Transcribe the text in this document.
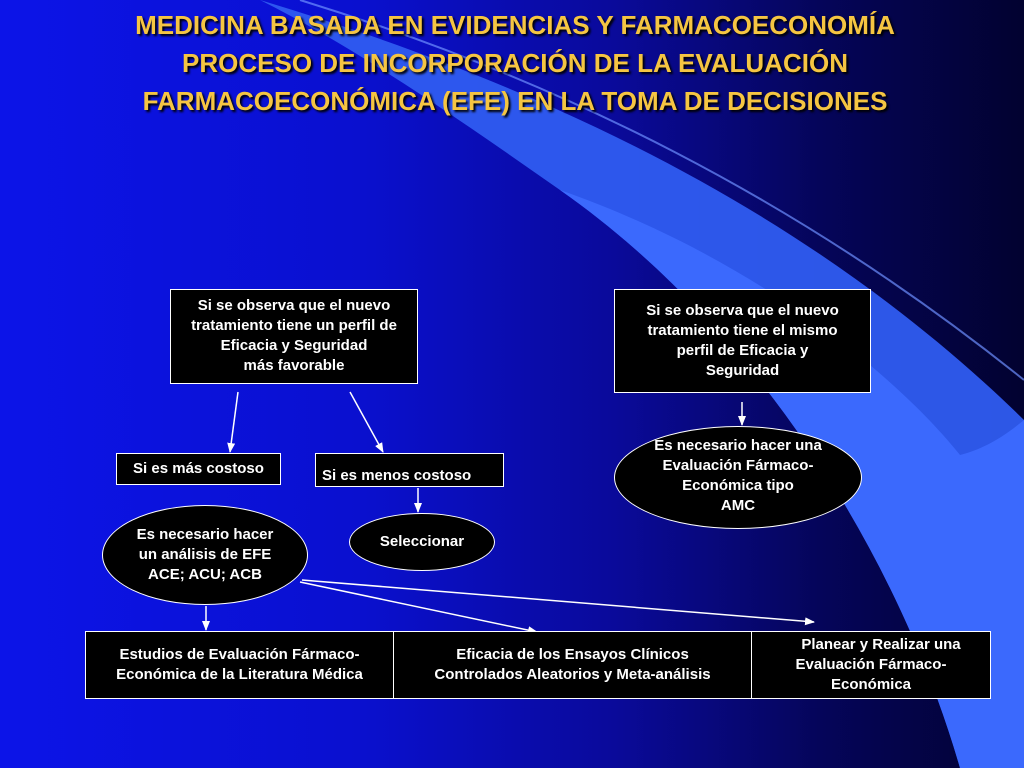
MEDICINA BASADA EN EVIDENCIAS Y FARMACOECONOMÍA
PROCESO DE INCORPORACIÓN DE LA EVALUACIÓN
FARMACOECONÓMICA (EFE) EN LA TOMA DE DECISIONES
Si se observa que el nuevo
tratamiento tiene un perfil de
Eficacia y Seguridad
más favorable
Si se observa que el nuevo
tratamiento tiene el mismo
perfil de Eficacia y
Seguridad
Si es más costoso	Si es menos costoso
Es necesario hacer
un análisis de EFE
ACE; ACU; ACB
Seleccionar
Es necesario hacer una
Evaluación Fármaco-
Económica tipo
AMC
Estudios de Evaluación Fármaco-
Económica de la Literatura Médica
Eficacia de los Ensayos Clínicos
Controlados Aleatorios y Meta-análisis
Planear y Realizar una
Evaluación Fármaco-
Económica
